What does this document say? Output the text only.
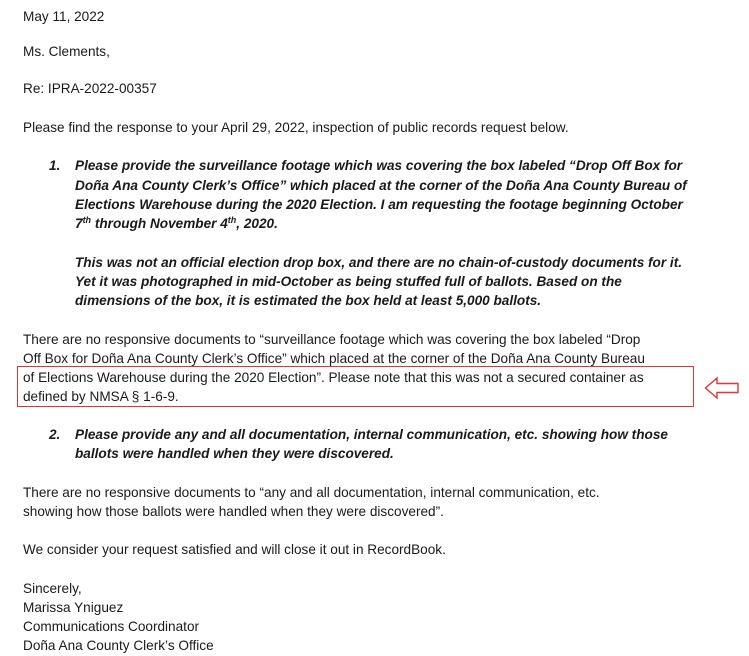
May 11, 2022
Ms. Clements,
Re: IPRA-2022-00357
Please find the response to your April 29, 2022, inspection of public records request below.
1. Please provide the surveillance footage which was covering the box labeled “Drop Off Box for
Doña Ana County Clerk’s Office” which placed at the corner of the Doña Ana County Bureau of
Elections Warehouse during the 2020 Election. I am requesting the footage beginning October
7th through November 4th, 2020.
This was not an official election drop box, and there are no chain-of-custody documents for it.
Yet it was photographed in mid-October as being stuffed full of ballots. Based on the
dimensions of the box, it is estimated the box held at least 5,000 ballots.
There are no responsive documents to “surveillance footage which was covering the box labeled “Drop
Off Box for Doña Ana County Clerk’s Office” which placed at the corner of the Doña Ana County Bureau
of Elections Warehouse during the 2020 Election”. Please note that this was not a secured container as
defined by NMSA § 1-6-9.
2. Please provide any and all documentation, internal communication, etc. showing how those
ballots were handled when they were discovered.
There are no responsive documents to “any and all documentation, internal communication, etc.
showing how those ballots were handled when they were discovered”.
We consider your request satisfied and will close it out in RecordBook.
Sincerely,
Marissa Yniguez
Communications Coordinator
Doña Ana County Clerk’s Office
